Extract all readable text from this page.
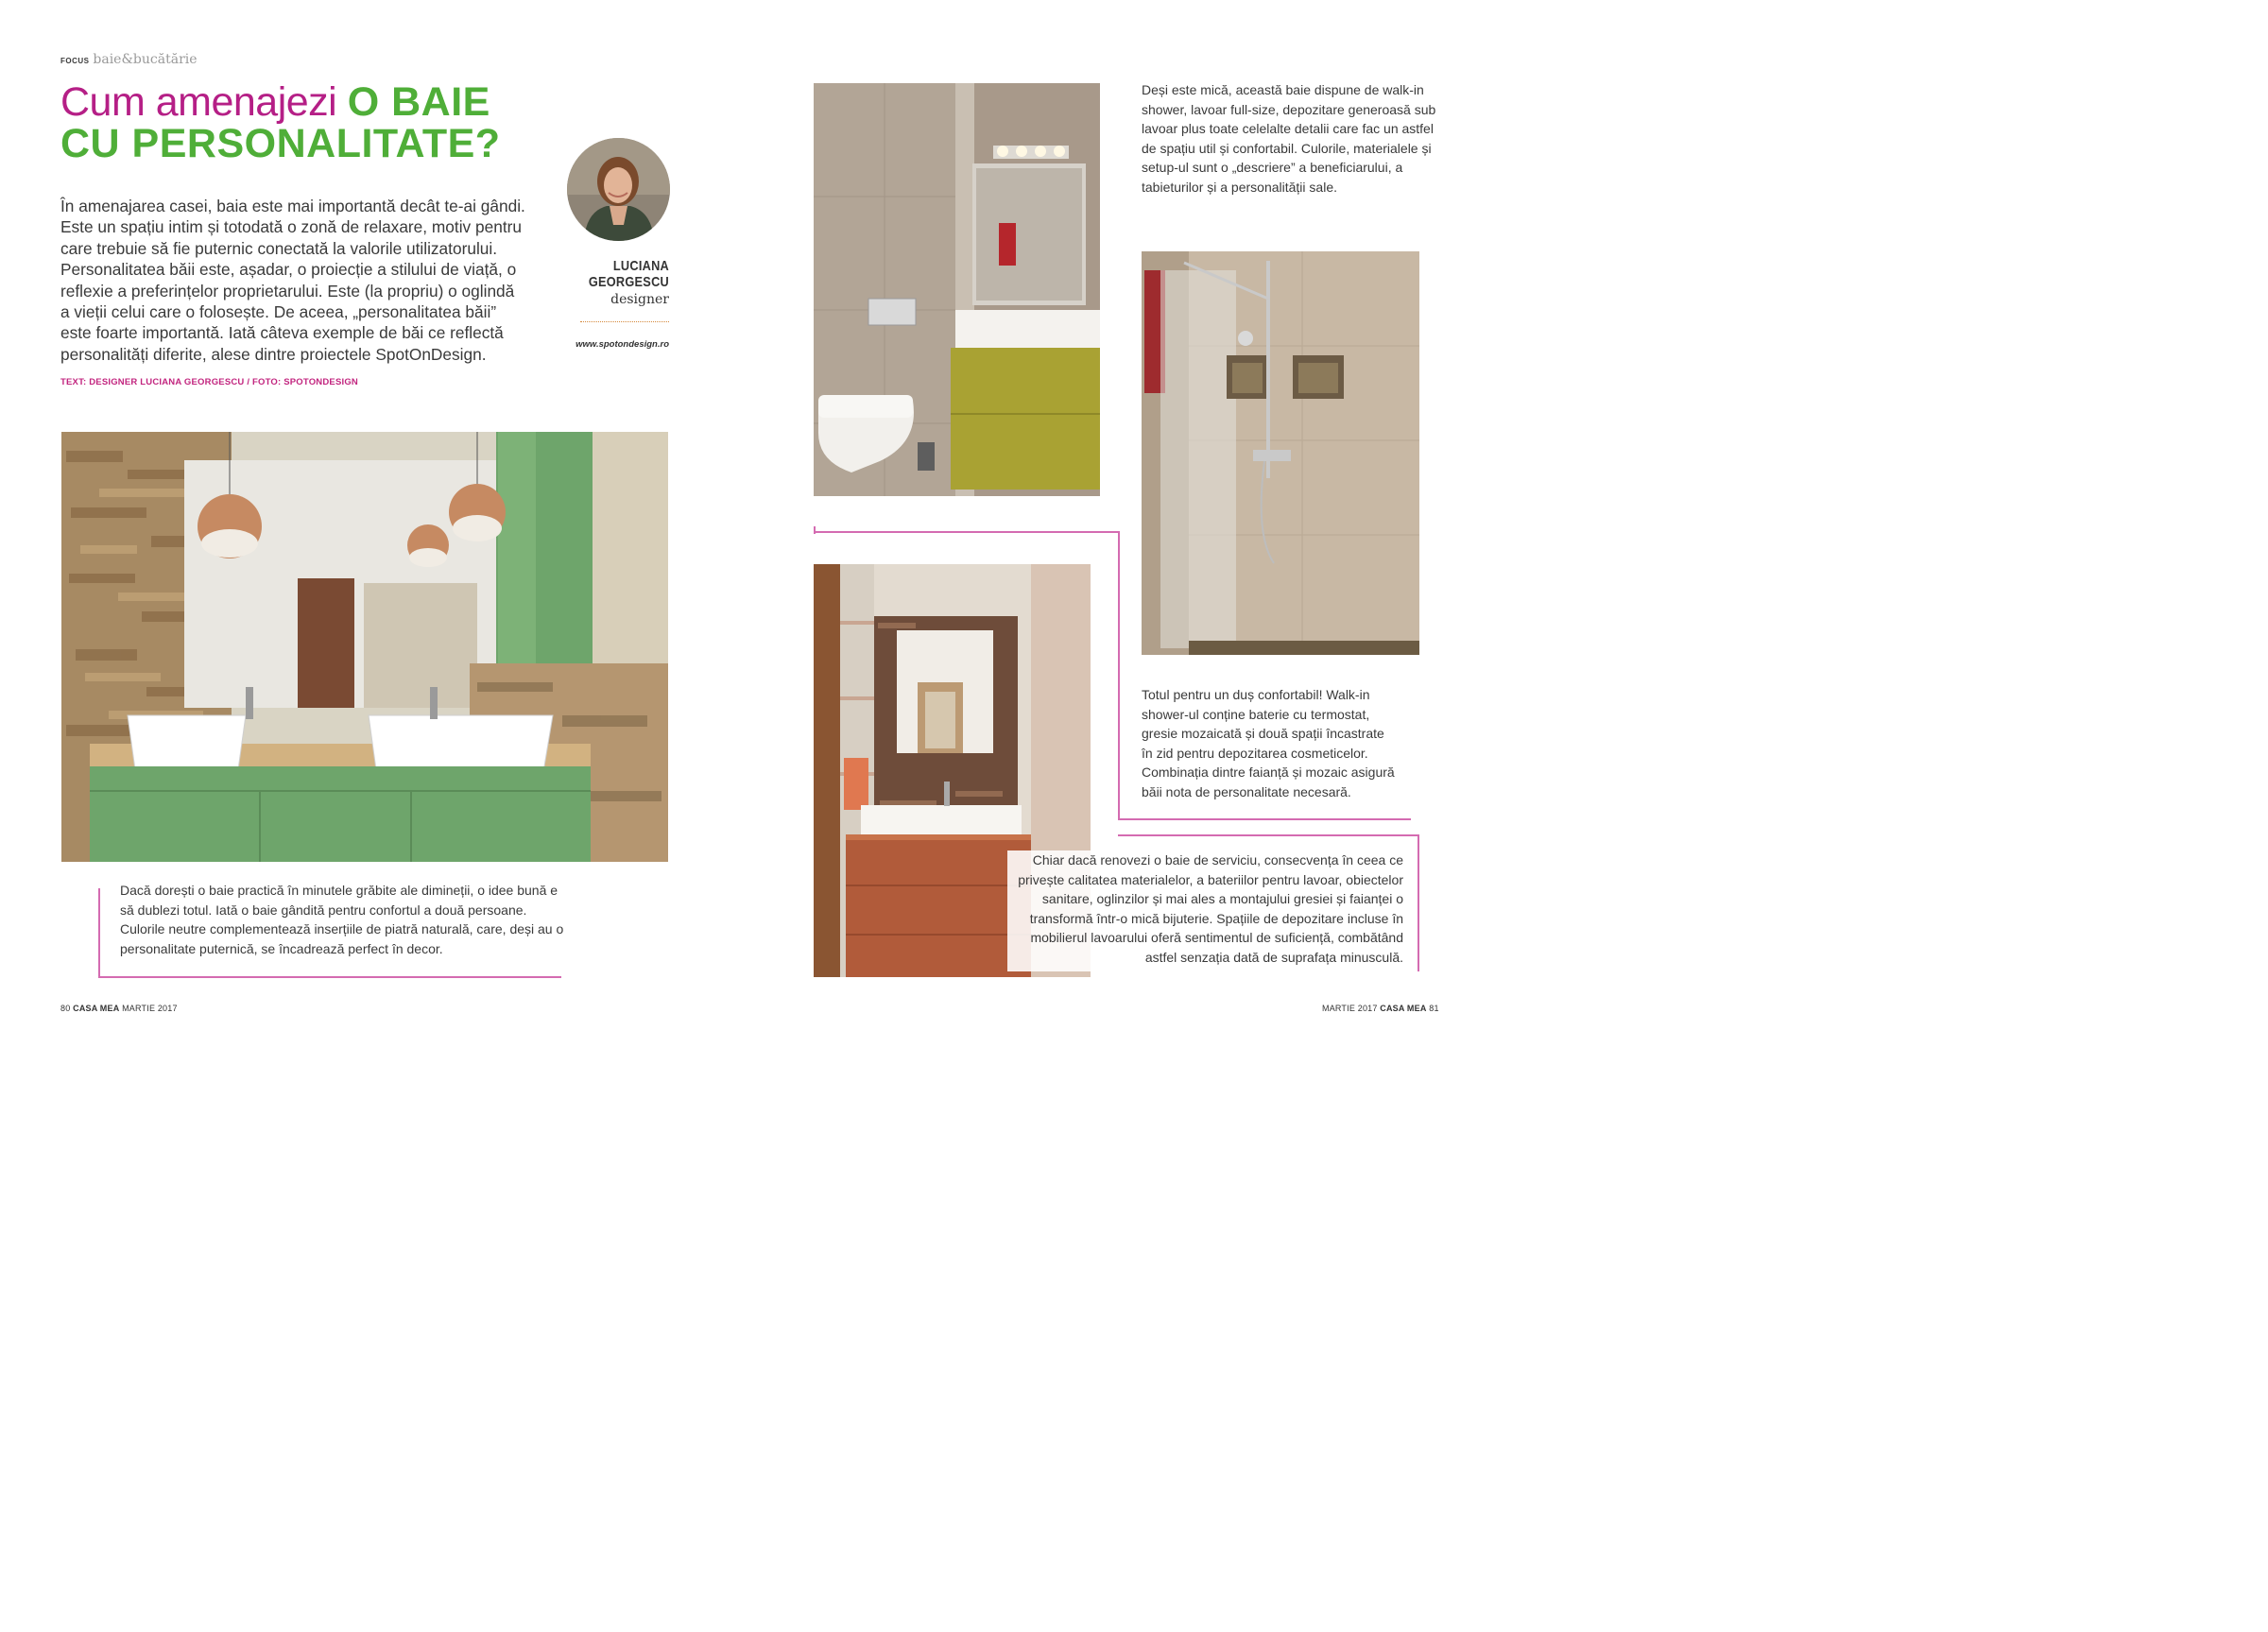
FOCUS baie&bucătărie
Cum amenajezi O BAIE CU PERSONALITATE?
În amenajarea casei, baia este mai importantă decât te-ai gândi. Este un spațiu intim și totodată o zonă de relaxare, motiv pentru care trebuie să fie puternic conectată la valorile utilizatorului. Personalitatea băii este, așadar, o proiecție a stilului de viață, o reflexie a preferințelor proprietarului. Este (la propriu) o oglindă a vieții celui care o folosește. De aceea, „personalitatea băii” este foarte importantă. Iată câteva exemple de băi ce reflectă personalități diferite, alese dintre proiectele SpotOnDesign.
TEXT: DESIGNER LUCIANA GEORGESCU / FOTO: SPOTONDESIGN
LUCIANA GEORGESCU
designer
www.spotondesign.ro
Dacă dorești o baie practică în minutele grăbite ale dimineții, o idee bună e să dublezi totul. Iată o baie gândită pentru confortul a două persoane. Culorile neutre complementează inserțiile de piatră naturală, care, deși au o personalitate puternică, se încadrează perfect în decor.
Deși este mică, această baie dispune de walk-in shower, lavoar full-size, depozitare generoasă sub lavoar plus toate celelalte detalii care fac un astfel de spațiu util și confortabil. Culorile, materialele și setup-ul sunt o „descriere” a beneficiarului, a tabieturilor și a personalității sale.
Totul pentru un duș confortabil! Walk-in shower-ul conține baterie cu termostat, gresie mozaicată și două spații încastrate în zid pentru depozitarea cosmeticelor. Combinația dintre faianță și mozaic asigură băii nota de personalitate necesară.
Chiar dacă renovezi o baie de serviciu, consecvența în ceea ce privește calitatea materialelor, a bateriilor pentru lavoar, obiectelor sanitare, oglinzilor și mai ales a montajului gresiei și faianței o transformă într-o mică bijuterie. Spațiile de depozitare incluse în mobilierul lavoarului oferă sentimentul de suficiență, combătând astfel senzația dată de suprafața minusculă.
80 CASA MEA MARTIE 2017	MARTIE 2017 CASA MEA 81
